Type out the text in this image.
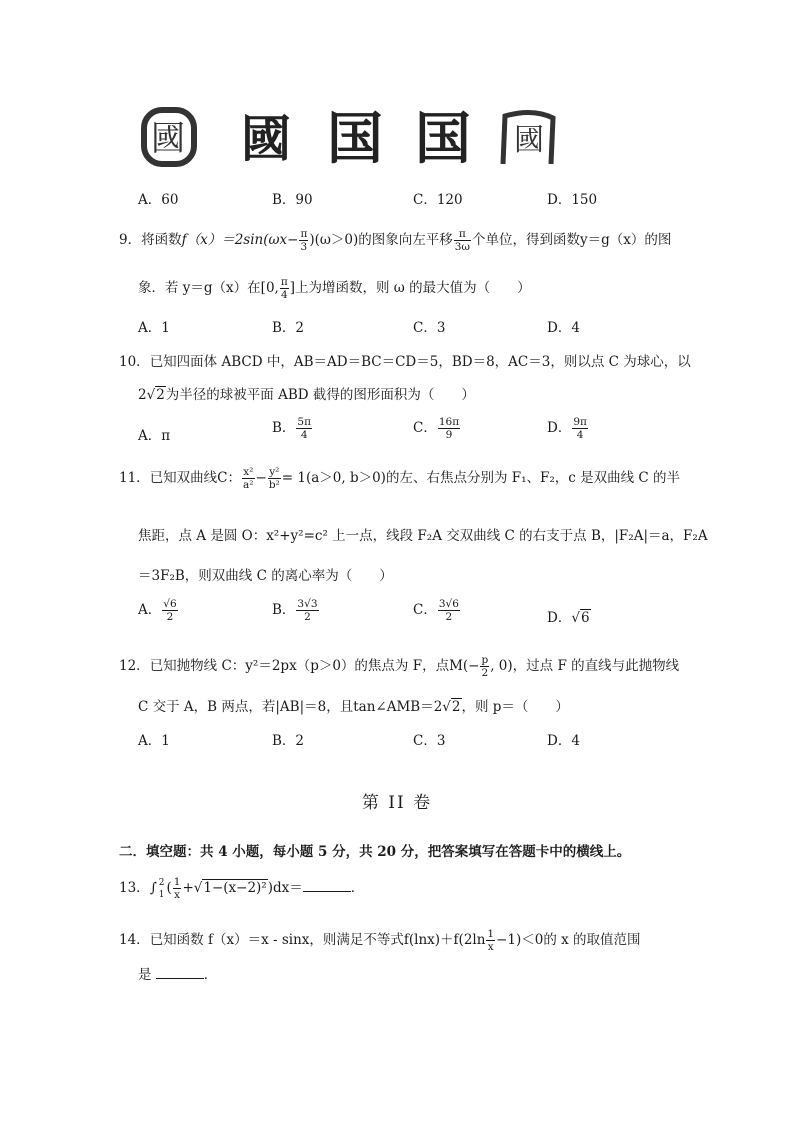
國 國 国 国 國
A．60	B．90	C．120	D．150
9．将函数$f(x)=2\sin(\omega x- \frac{\pi}{3} )(\omega>0)$的图象向左平移 $\frac{\pi}{3\omega}$ 个单位，得到函数y＝g（x）的图
象．若 y＝g（x）在[0, $\frac{\pi}{4}$ ]上为增函数，则 ω 的最大值为（　　）
A．1	B．2	C．3	D．4
10．已知四面体 ABCD 中，AB＝AD＝BC＝CD＝5，BD＝8，AC＝3，则以点 C 为球心，以
2√2为半径的球被平面 ABD 截得的图形面积为（　　）
A．π	B． $\frac{5\pi}{4}$	C． $\frac{16\pi}{9}$	D． $\frac{9\pi}{4}$
11．已知双曲线C： $\frac{\text{x²}}{\text{a²}} - \frac{\text{y²}}{\text{b²}} = 1(a>0$, b＞0)的左、右焦点分别为 F₁、F₂，c 是双曲线 C 的半
焦距，点 A 是圆 O：x²+y²=c² 上一点，线段 F₂A 交双曲线 C 的右支于点 B，|F₂A|＝a，F₂A
＝3F₂B，则双曲线 C 的离心率为（　　）
A． $\frac{√6}{2}$	B． $\frac{3√3}{2}$	C． $\frac{3√6}{2}$	D．√6
12．已知抛物线 C：y²＝2px（p＞0）的焦点为 F，点$M(- \frac{p}{2}$ , 0)，过点 F 的直线与此抛物线
C 交于 A，B 两点，若|AB|＝8，且tan∠AMB＝2√2，则 p＝（　　）
A．1	B．2	C．3	D．4
第 II 卷
二．填空题：共 4 小题，每小题 5 分，共 20 分，把答案填写在答题卡中的横线上。
13．∫ 2
1 ( $\frac{1}{x} +√1-(x-2)^2)dx=$	．
14．已知函数 f（x）＝x - sinx，则满足不等式$f(\ln x)+f(2\ln \frac{1}{x} -1)<0$的 x 的取值范围
是	．
